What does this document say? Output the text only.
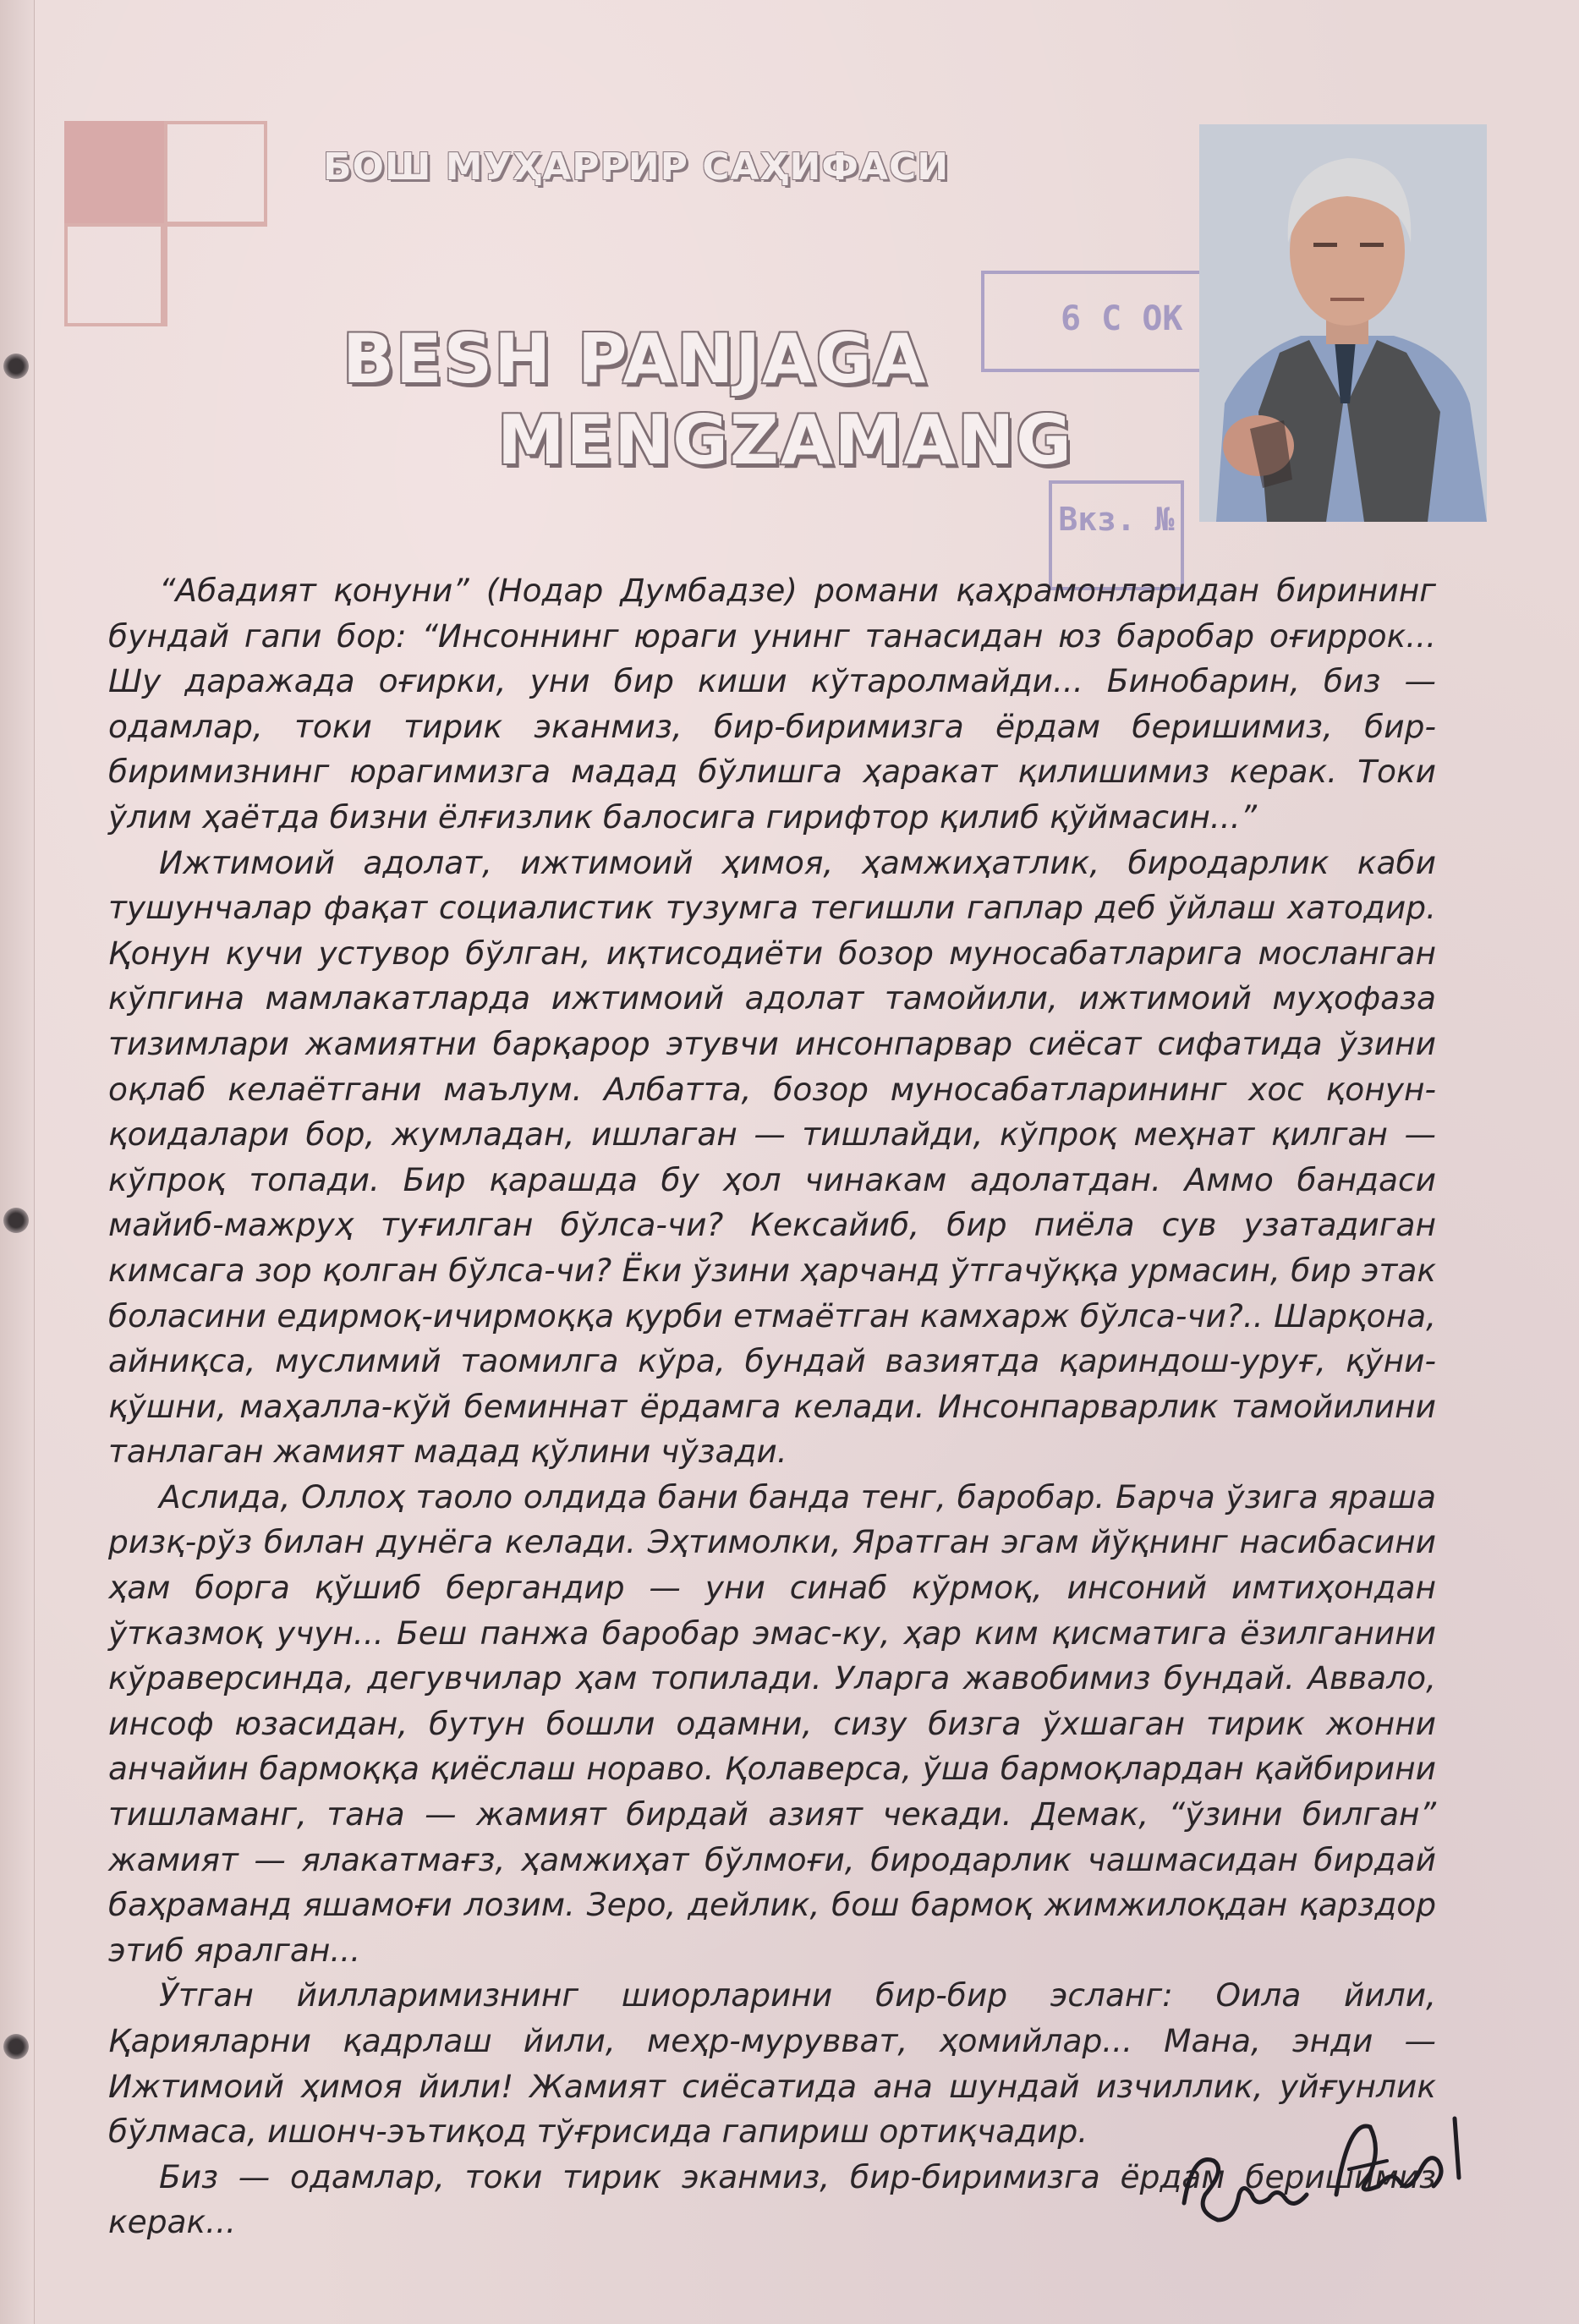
БОШ МУҲАРРИР САҲИФАСИ
6 С ОК
Вкз. №
BESH PANJAGA
MENGZAMANG

“Абадият қонуни” (Нодар Думбадзе) романи қаҳрамонларидан бирининг бундай гапи бор: “Инсоннинг юраги унинг танасидан юз баробар оғиррок... Шу даражада оғирки, уни бир киши кўтаролмайди... Бинобарин, биз — одамлар, токи тирик эканмиз, бир-биримизга ёрдам беришимиз, бир-биримизнинг юрагимизга мадад бўлишга ҳаракат қилишимиз керак. Токи ўлим ҳаётда бизни ёлғизлик балосига гирифтор қилиб қўймасин...”

Ижтимоий адолат, ижтимоий ҳимоя, ҳамжиҳатлик, биродарлик каби тушунчалар фақат социалистик тузумга тегишли гаплар деб ўйлаш хатодир. Қонун кучи устувор бўлган, иқтисодиёти бозор муносабатларига мосланган кўпгина мамлакатларда ижтимоий адолат тамойили, ижтимоий муҳофаза тизимлари жамиятни барқарор этувчи инсонпарвар сиёсат сифатида ўзини оқлаб келаётгани маълум. Албатта, бозор муносабатларининг хос қонун-қоидалари бор, жумладан, ишлаган — тишлайди, кўпроқ меҳнат қилган — кўпроқ топади. Бир қарашда бу ҳол чинакам адолатдан. Аммо бандаси майиб-мажруҳ туғилган бўлса-чи? Кексайиб, бир пиёла сув узатадиган кимсага зор қолган бўлса-чи? Ёки ўзини ҳарчанд ўтгачўққа урмасин, бир этак боласини едирмоқ-ичирмоққа қурби етмаётган камхарж бўлса-чи?.. Шарқона, айниқса, муслимий таомилга кўра, бундай вазиятда қариндош-уруғ, қўни-қўшни, маҳалла-кўй беминнат ёрдамга келади. Инсонпарварлик тамойилини танлаган жамият мадад қўлини чўзади.

Аслида, Оллоҳ таоло олдида бани банда тенг, баробар. Барча ўзига яраша ризқ-рўз билан дунёга келади. Эҳтимолки, Яратган эгам йўқнинг насибасини ҳам борга қўшиб бергандир — уни синаб кўрмоқ, инсоний имтиҳондан ўтказмоқ учун... Беш панжа баробар эмас-ку, ҳар ким қисматига ёзилганини кўраверсинда, дегувчилар ҳам топилади. Уларга жавобимиз бундай. Аввало, инсоф юзасидан, бутун бошли одамни, сизу бизга ўхшаган тирик жонни анчайин бармоққа қиёслаш нораво. Қолаверса, ўша бармоқлардан қайбирини тишламанг, тана — жамият бирдай азият чекади. Демак, “ўзини билган” жамият — ялакатмағз, ҳамжиҳат бўлмоғи, биродарлик чашмасидан бирдай баҳраманд яшамоғи лозим. Зеро, дейлик, бош бармоқ жимжилоқдан қарздор этиб яралган...

Ўтган йилларимизнинг шиорларини бир-бир эсланг: Оила йили, Қарияларни қадрлаш йили, меҳр-мурувват, ҳомийлар... Мана, энди — Ижтимоий ҳимоя йили! Жамият сиёсатида ана шундай изчиллик, уйғунлик бўлмаса, ишонч-эътиқод тўғрисида гапириш ортиқчадир.

Биз — одамлар, токи тирик эканмиз, бир-биримизга ёрдам беришимиз керак...
